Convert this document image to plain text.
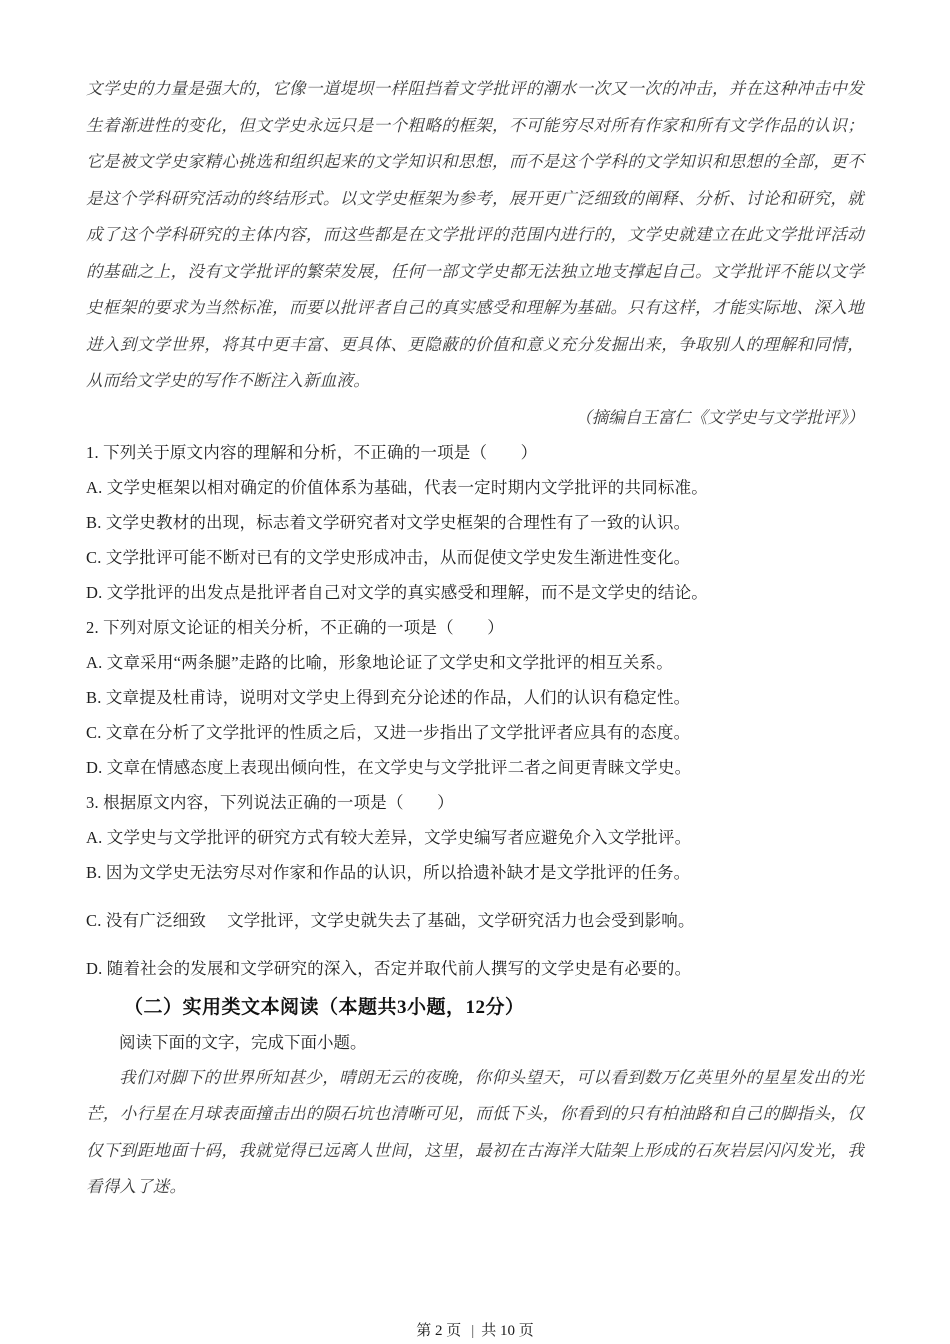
文学史的力量是强大的，它像一道堤坝一样阻挡着文学批评的潮水一次又一次的冲击，并在这种冲击中发生着渐进性的变化，但文学史永远只是一个粗略的框架，不可能穷尽对所有作家和所有文学作品的认识；它是被文学史家精心挑选和组织起来的文学知识和思想，而不是这个学科的文学知识和思想的全部，更不是这个学科研究活动的终结形式。以文学史框架为参考，展开更广泛细致的阐释、分析、讨论和研究，就成了这个学科研究的主体内容，而这些都是在文学批评的范围内进行的，文学史就建立在此文学批评活动的基础之上，没有文学批评的繁荣发展，任何一部文学史都无法独立地支撑起自己。文学批评不能以文学史框架的要求为当然标准，而要以批评者自己的真实感受和理解为基础。只有这样，才能实际地、深入地进入到文学世界，将其中更丰富、更具体、更隐蔽的价值和意义充分发掘出来，争取别人的理解和同情，从而给文学史的写作不断注入新血液。

（摘编自王富仁《文学史与文学批评》）

1. 下列关于原文内容的理解和分析，不正确的一项是（　　）

A. 文学史框架以相对确定的价值体系为基础，代表一定时期内文学批评的共同标准。

B. 文学史教材的出现，标志着文学研究者对文学史框架的合理性有了一致的认识。

C. 文学批评可能不断对已有的文学史形成冲击，从而促使文学史发生渐进性变化。

D. 文学批评的出发点是批评者自己对文学的真实感受和理解，而不是文学史的结论。

2. 下列对原文论证的相关分析，不正确的一项是（　　）

A. 文章采用“两条腿”走路的比喻，形象地论证了文学史和文学批评的相互关系。

B. 文章提及杜甫诗，说明对文学史上得到充分论述的作品，人们的认识有稳定性。

C. 文章在分析了文学批评的性质之后，又进一步指出了文学批评者应具有的态度。

D. 文章在情感态度上表现出倾向性，在文学史与文学批评二者之间更青睐文学史。

3. 根据原文内容，下列说法正确的一项是（　　）

A. 文学史与文学批评的研究方式有较大差异，文学史编写者应避免介入文学批评。

B. 因为文学史无法穷尽对作家和作品的认识，所以拾遗补缺才是文学批评的任务。

C. 没有广泛细致　 文学批评，文学史就失去了基础，文学研究活力也会受到影响。

D. 随着社会的发展和文学研究的深入，否定并取代前人撰写的文学史是有必要的。

（二）实用类文本阅读（本题共3小题，12分）

阅读下面的文字，完成下面小题。

我们对脚下的世界所知甚少，晴朗无云的夜晚，你仰头望天，可以看到数万亿英里外的星星发出的光芒，小行星在月球表面撞击出的陨石坑也清晰可见，而低下头，你看到的只有柏油路和自己的脚指头，仅仅下到距地面十码，我就觉得已远离人世间，这里，最初在古海洋大陆架上形成的石灰岩层闪闪发光，我看得入了迷。

第 2 页 | 共 10 页
